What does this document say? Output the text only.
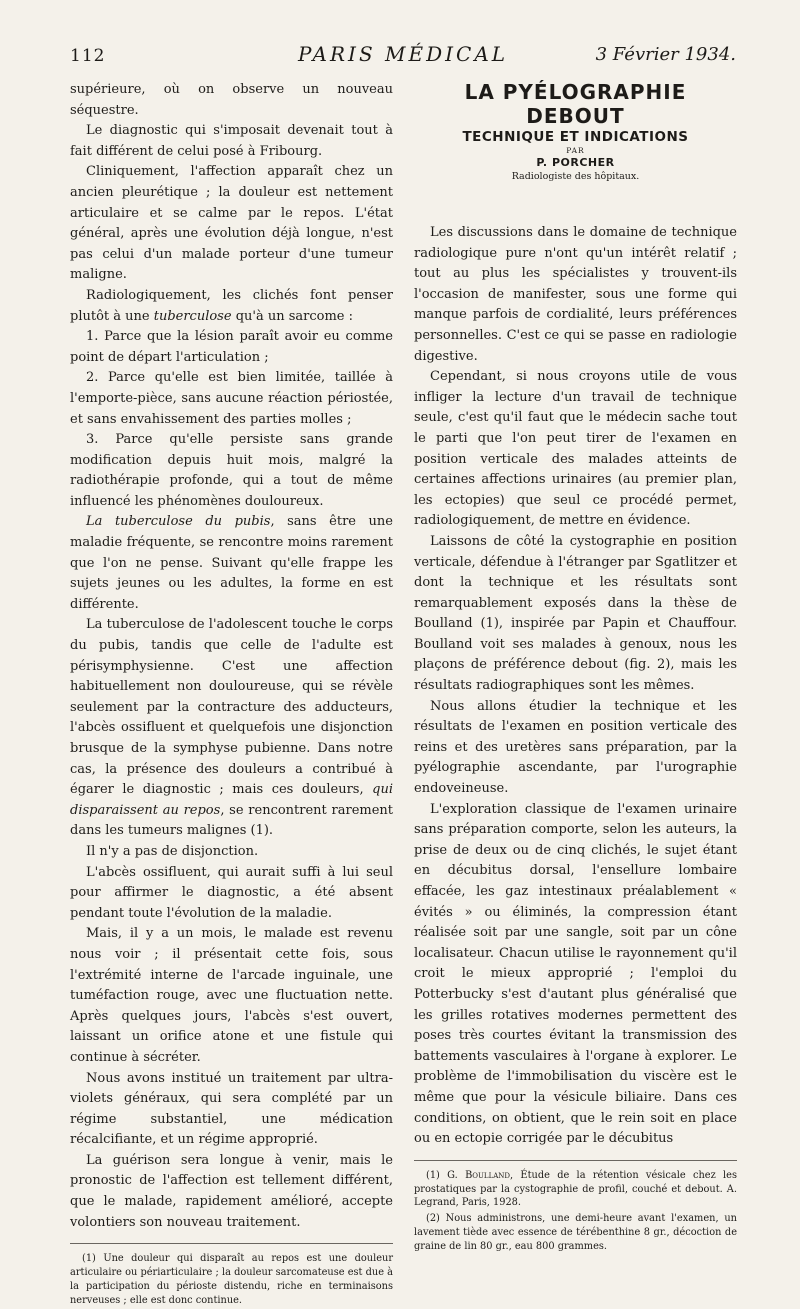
112	PARIS MÉDICAL	3 Février 1934.

supérieure, où on observe un nouveau séquestre.

Le diagnostic qui s'imposait devenait tout à fait différent de celui posé à Fribourg.

Cliniquement, l'affection apparaît chez un ancien pleurétique ; la douleur est nettement articulaire et se calme par le repos. L'état général, après une évolution déjà longue, n'est pas celui d'un malade porteur d'une tumeur maligne.

Radiologiquement, les clichés font penser plutôt à une tuberculose qu'à un sarcome :

1. Parce que la lésion paraît avoir eu comme point de départ l'articulation ;

2. Parce qu'elle est bien limitée, taillée à l'emporte-pièce, sans aucune réaction périostée, et sans envahissement des parties molles ;

3. Parce qu'elle persiste sans grande modification depuis huit mois, malgré la radiothérapie profonde, qui a tout de même influencé les phénomènes douloureux.

La tuberculose du pubis, sans être une maladie fréquente, se rencontre moins rarement que l'on ne pense. Suivant qu'elle frappe les sujets jeunes ou les adultes, la forme en est différente.

La tuberculose de l'adolescent touche le corps du pubis, tandis que celle de l'adulte est périsymphysienne. C'est une affection habituellement non douloureuse, qui se révèle seulement par la contracture des adducteurs, l'abcès ossifluent et quelquefois une disjonction brusque de la symphyse pubienne. Dans notre cas, la présence des douleurs a contribué à égarer le diagnostic ; mais ces douleurs, qui disparaissent au repos, se rencontrent rarement dans les tumeurs malignes (1).

Il n'y a pas de disjonction.

L'abcès ossifluent, qui aurait suffi à lui seul pour affirmer le diagnostic, a été absent pendant toute l'évolution de la maladie.

Mais, il y a un mois, le malade est revenu nous voir ; il présentait cette fois, sous l'extrémité interne de l'arcade inguinale, une tuméfaction rouge, avec une fluctuation nette. Après quelques jours, l'abcès s'est ouvert, laissant un orifice atone et une fistule qui continue à sécréter.

Nous avons institué un traitement par ultra-violets généraux, qui sera complété par un régime substantiel, une médication récalcifiante, et un régime approprié.

La guérison sera longue à venir, mais le pronostic de l'affection est tellement différent, que le malade, rapidement amélioré, accepte volontiers son nouveau traitement.

(1) Une douleur qui disparaît au repos est une douleur articulaire ou périarticulaire ; la douleur sarcomateuse est due à la participation du périoste distendu, riche en terminaisons nerveuses ; elle est donc continue.

LA PYÉLOGRAPHIE DEBOUT

TECHNIQUE ET INDICATIONS

PAR

P. PORCHER

Radiologiste des hôpitaux.

Les discussions dans le domaine de technique radiologique pure n'ont qu'un intérêt relatif ; tout au plus les spécialistes y trouvent-ils l'occasion de manifester, sous une forme qui manque parfois de cordialité, leurs préférences personnelles. C'est ce qui se passe en radiologie digestive.

Cependant, si nous croyons utile de vous infliger la lecture d'un travail de technique seule, c'est qu'il faut que le médecin sache tout le parti que l'on peut tirer de l'examen en position verticale des malades atteints de certaines affections urinaires (au premier plan, les ectopies) que seul ce procédé permet, radiologiquement, de mettre en évidence.

Laissons de côté la cystographie en position verticale, défendue à l'étranger par Sgatlitzer et dont la technique et les résultats sont remarquablement exposés dans la thèse de Boulland (1), inspirée par Papin et Chauffour. Boulland voit ses malades à genoux, nous les plaçons de préférence debout (fig. 2), mais les résultats radiographiques sont les mêmes.

Nous allons étudier la technique et les résultats de l'examen en position verticale des reins et des uretères sans préparation, par la pyélographie ascendante, par l'urographie endoveineuse.

L'exploration classique de l'examen urinaire sans préparation comporte, selon les auteurs, la prise de deux ou de cinq clichés, le sujet étant en décubitus dorsal, l'ensellure lombaire effacée, les gaz intestinaux préalablement « évités » ou éliminés, la compression étant réalisée soit par une sangle, soit par un cône localisateur. Chacun utilise le rayonnement qu'il croit le mieux approprié ; l'emploi du Potterbucky s'est d'autant plus généralisé que les grilles rotatives modernes permettent des poses très courtes évitant la transmission des battements vasculaires à l'organe à explorer. Le problème de l'immobilisation du viscère est le même que pour la vésicule biliaire. Dans ces conditions, on obtient, que le rein soit en place ou en ectopie corrigée par le décubitus

(1) G. Boulland, Étude de la rétention vésicale chez les prostatiques par la cystographie de profil, couché et debout. A. Legrand, Paris, 1928.

(2) Nous administrons, une demi-heure avant l'examen, un lavement tiède avec essence de térébenthine 8 gr., décoction de graine de lin 80 gr., eau 800 grammes.
